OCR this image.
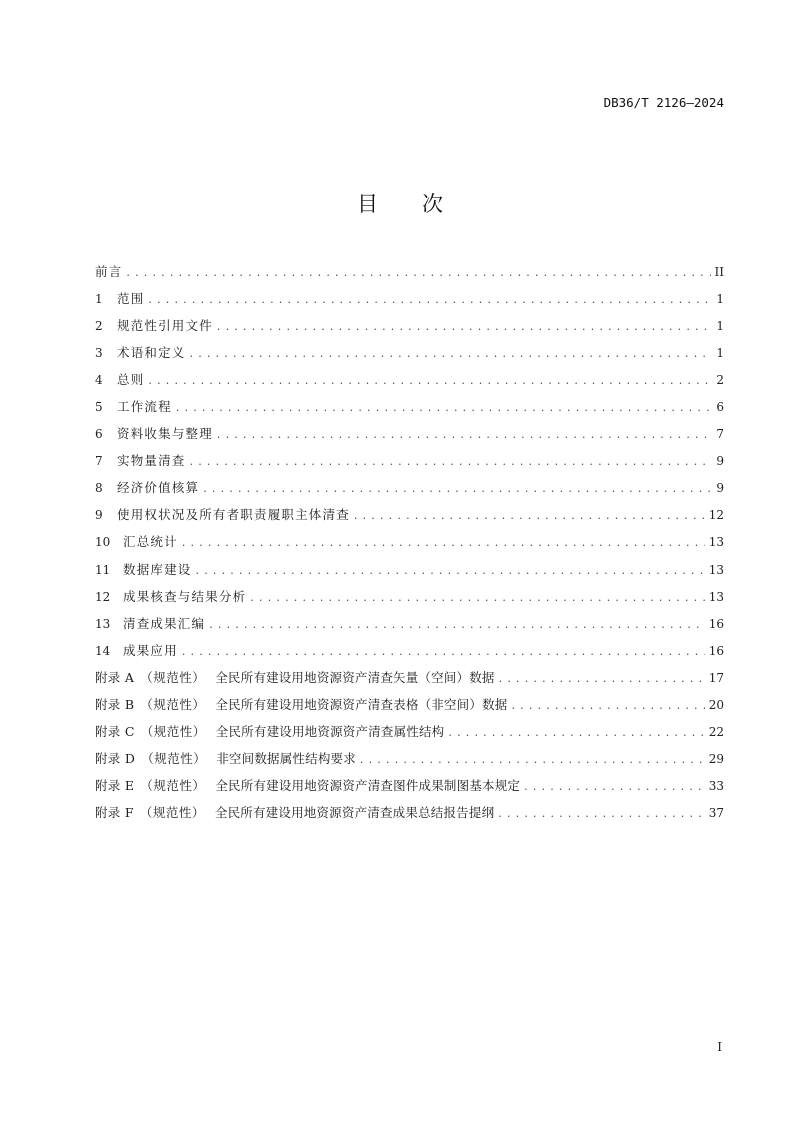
DB36/T 2126—2024
目 次
前言 . . .	II
1	范围 . . .	1
2	规范性引用文件 . . .	1
3	术语和定义 . . .	1
4	总则 . . .	2
5	工作流程 . . .	6
6	资料收集与整理 . . .	7
7	实物量清查 . . .	9
8	经济价值核算 . . .	9
9	使用权状况及所有者职责履职主体清查 . . .	12
10	汇总统计 . . .	13
11	数据库建设 . . .	13
12	成果核查与结果分析 . . .	13
13	清查成果汇编 . . .	16
14	成果应用 . . .	16
附录 A （规范性） 全民所有建设用地资源资产清查矢量（空间）数据 . . .	17
附录 B （规范性） 全民所有建设用地资源资产清查表格（非空间）数据 . . .	20
附录 C （规范性） 全民所有建设用地资源资产清查属性结构 . . .	22
附录 D （规范性） 非空间数据属性结构要求 . . .	29
附录 E （规范性） 全民所有建设用地资源资产清查图件成果制图基本规定 . . .	33
附录 F （规范性） 全民所有建设用地资源资产清查成果总结报告提纲 . . .	37
I
